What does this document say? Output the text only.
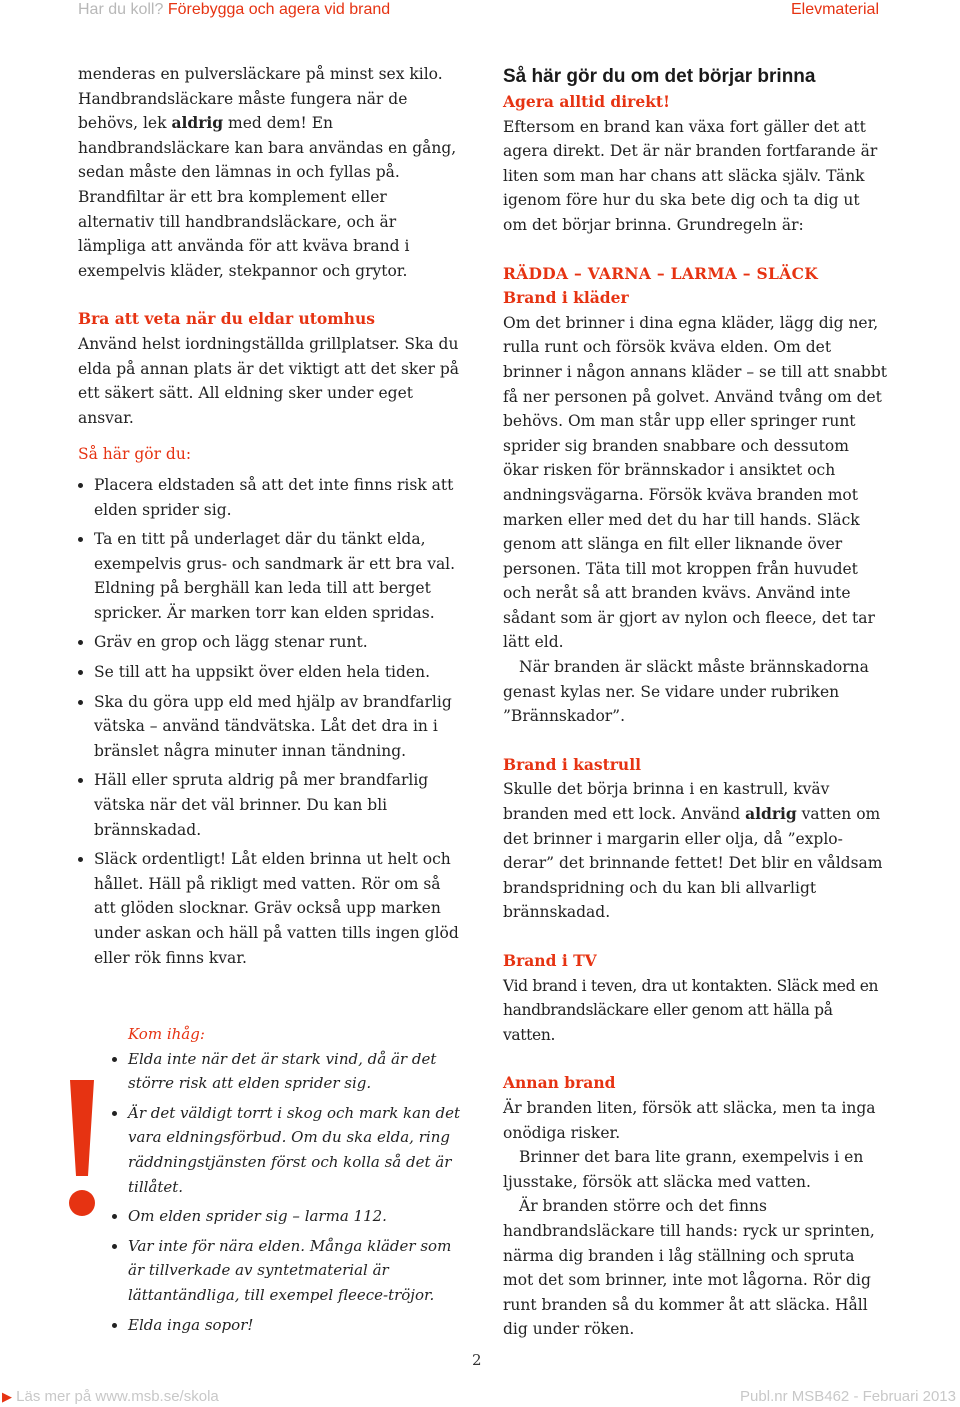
Har du koll? Förebygga och agera vid brand	Elevmaterial

menderas en pulversläckare på minst sex kilo. Handbrandsläckare måste fungera när de behövs, lek aldrig med dem! En handbrandsläckare kan bara användas en gång, sedan måste den lämnas in och fyllas på. Brandfiltar är ett bra komplement eller alternativ till handbrandsläckare, och är lämpliga att använda för att kväva brand i exempelvis kläder, stekpannor och grytor.

Bra att veta när du eldar utomhus

Använd helst iordningställda grillplatser. Ska du elda på annan plats är det viktigt att det sker på ett säkert sätt. All eldning sker under eget ansvar.

Så här gör du:

Placera eldstaden så att det inte finns risk att elden sprider sig.
Ta en titt på underlaget där du tänkt elda, exempelvis grus- och sandmark är ett bra val. Eldning på berghäll kan leda till att berget spricker. Är marken torr kan elden spridas.
Gräv en grop och lägg stenar runt.
Se till att ha uppsikt över elden hela tiden.
Ska du göra upp eld med hjälp av brandfarlig vätska – använd tändvätska. Låt det dra in i bränslet några minuter innan tändning.
Häll eller spruta aldrig på mer brandfarlig vätska när det väl brinner. Du kan bli brännskadad.
Släck ordentligt! Låt elden brinna ut helt och hållet. Häll på rikligt med vatten. Rör om så att glöden slocknar. Gräv också upp marken under askan och häll på vatten tills ingen glöd eller rök finns kvar.

Kom ihåg:

Elda inte när det är stark vind, då är det större risk att elden sprider sig.
Är det väldigt torrt i skog och mark kan det vara eldningsförbud. Om du ska elda, ring räddningstjänsten först och kolla så det är tillåtet.
Om elden sprider sig – larma 112.
Var inte för nära elden. Många kläder som är tillverkade av syntetmaterial är lättantändliga, till exempel fleece-tröjor.
Elda inga sopor!

Så här gör du om det börjar brinna

Agera alltid direkt!

Eftersom en brand kan växa fort gäller det att agera direkt. Det är när branden fortfarande är liten som man har chans att släcka själv. Tänk igenom före hur du ska bete dig och ta dig ut om det börjar brinna. Grundregeln är:

RÄDDA – VARNA – LARMA – SLÄCK

Brand i kläder

Om det brinner i dina egna kläder, lägg dig ner, rulla runt och försök kväva elden. Om det brinner i någon annans kläder – se till att snabbt få ner personen på golvet. Använd tvång om det behövs. Om man står upp eller springer runt sprider sig branden snabbare och dessutom ökar risken för brännskador i ansiktet och andningsvägarna. Försök kväva branden mot marken eller med det du har till hands. Släck genom att slänga en filt eller liknande över personen. Täta till mot kroppen från huvudet och neråt så att branden kvävs. Använd inte sådant som är gjort av nylon och fleece, det tar lätt eld.

När branden är släckt måste brännskadorna genast kylas ner. Se vidare under rubriken ”Brännskador”.

Brand i kastrull

Skulle det börja brinna i en kastrull, kväv branden med ett lock. Använd aldrig vatten om det brinner i margarin eller olja, då ”exploderar” det brinnande fettet! Det blir en våldsam brandspridning och du kan bli allvarligt brännskadad.

Brand i TV

Vid brand i teven, dra ut kontakten. Släck med en handbrandsläckare eller genom att hälla på vatten.

Annan brand

Är branden liten, försök att släcka, men ta inga onödiga risker.

Brinner det bara lite grann, exempelvis i en ljusstake, försök att släcka med vatten.

Är branden större och det finns handbrandsläckare till hands: ryck ur sprinten, närma dig branden i låg ställning och spruta mot det som brinner, inte mot lågorna. Rör dig runt branden så du kommer åt att släcka. Håll dig under röken.

2
▶ Läs mer på www.msb.se/skola	Publ.nr MSB462 - Februari 2013
